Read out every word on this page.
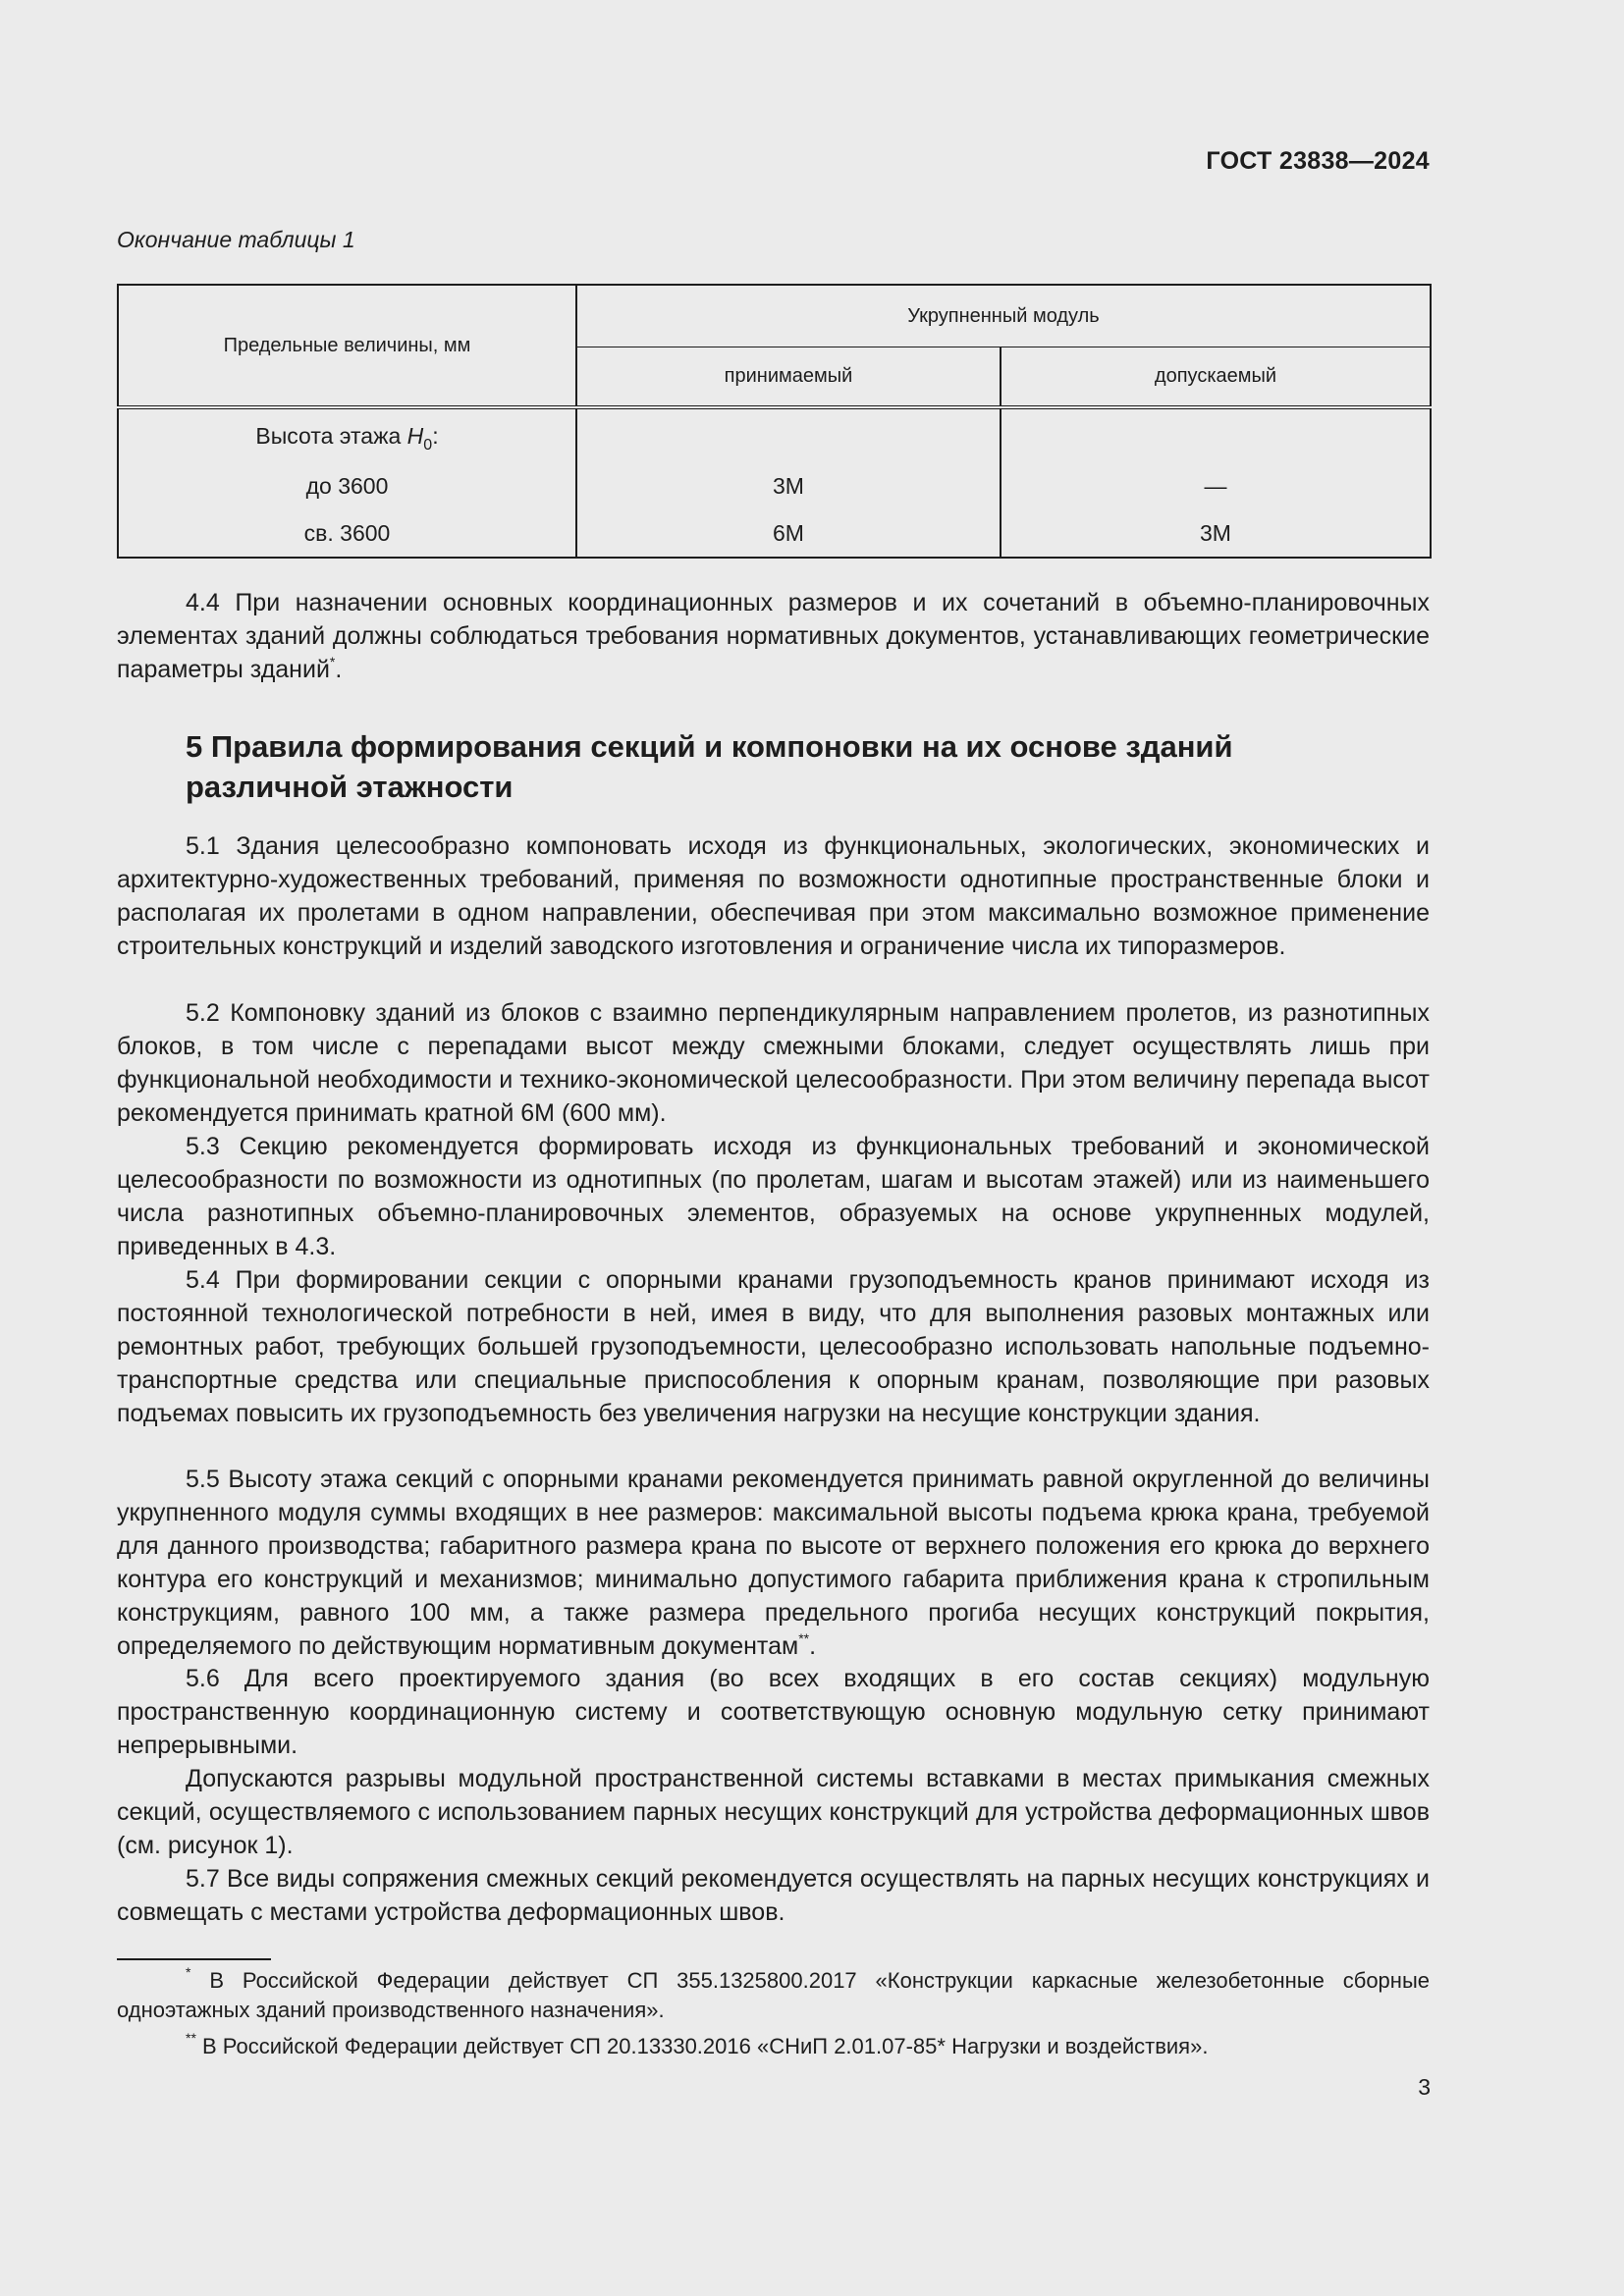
ГОСТ 23838—2024
Окончание таблицы 1
Предельные величины, мм	Укрупненный модуль	
	принимаемый	допускаемый
Высота этажа $H_0$:		
до 3600	3М	—
св. 3600	6М	3М
4.4 При назначении основных координационных размеров и их сочетаний в объемно-планировочных элементах зданий должны соблюдаться требования нормативных документов, устанавливающих геометрические параметры зданий*.
5 Правила формирования секций и компоновки на их основе зданий различной этажности
5.1 Здания целесообразно компоновать исходя из функциональных, экологических, экономических и архитектурно-художественных требований, применяя по возможности однотипные пространственные блоки и располагая их пролетами в одном направлении, обеспечивая при этом максимально возможное применение строительных конструкций и изделий заводского изготовления и ограничение числа их типоразмеров.
5.2 Компоновку зданий из блоков с взаимно перпендикулярным направлением пролетов, из разнотипных блоков, в том числе с перепадами высот между смежными блоками, следует осуществлять лишь при функциональной необходимости и технико-экономической целесообразности. При этом величину перепада высот рекомендуется принимать кратной 6М (600 мм).
5.3 Секцию рекомендуется формировать исходя из функциональных требований и экономической целесообразности по возможности из однотипных (по пролетам, шагам и высотам этажей) или из наименьшего числа разнотипных объемно-планировочных элементов, образуемых на основе укрупненных модулей, приведенных в 4.3.
5.4 При формировании секции с опорными кранами грузоподъемность кранов принимают исходя из постоянной технологической потребности в ней, имея в виду, что для выполнения разовых монтажных или ремонтных работ, требующих большей грузоподъемности, целесообразно использовать напольные подъемно-транспортные средства или специальные приспособления к опорным кранам, позволяющие при разовых подъемах повысить их грузоподъемность без увеличения нагрузки на несущие конструкции здания.
5.5 Высоту этажа секций с опорными кранами рекомендуется принимать равной округленной до величины укрупненного модуля суммы входящих в нее размеров: максимальной высоты подъема крюка крана, требуемой для данного производства; габаритного размера крана по высоте от верхнего положения его крюка до верхнего контура его конструкций и механизмов; минимально допустимого габарита приближения крана к стропильным конструкциям, равного 100 мм, а также размера предельного прогиба несущих конструкций покрытия, определяемого по действующим нормативным документам**.
5.6 Для всего проектируемого здания (во всех входящих в его состав секциях) модульную пространственную координационную систему и соответствующую основную модульную сетку принимают непрерывными.
Допускаются разрывы модульной пространственной системы вставками в местах примыкания смежных секций, осуществляемого с использованием парных несущих конструкций для устройства деформационных швов (см. рисунок 1).
5.7 Все виды сопряжения смежных секций рекомендуется осуществлять на парных несущих конструкциях и совмещать с местами устройства деформационных швов.
* В Российской Федерации действует СП 355.1325800.2017 «Конструкции каркасные железобетонные сборные одноэтажных зданий производственного назначения».
** В Российской Федерации действует СП 20.13330.2016 «СНиП 2.01.07-85* Нагрузки и воздействия».
3
